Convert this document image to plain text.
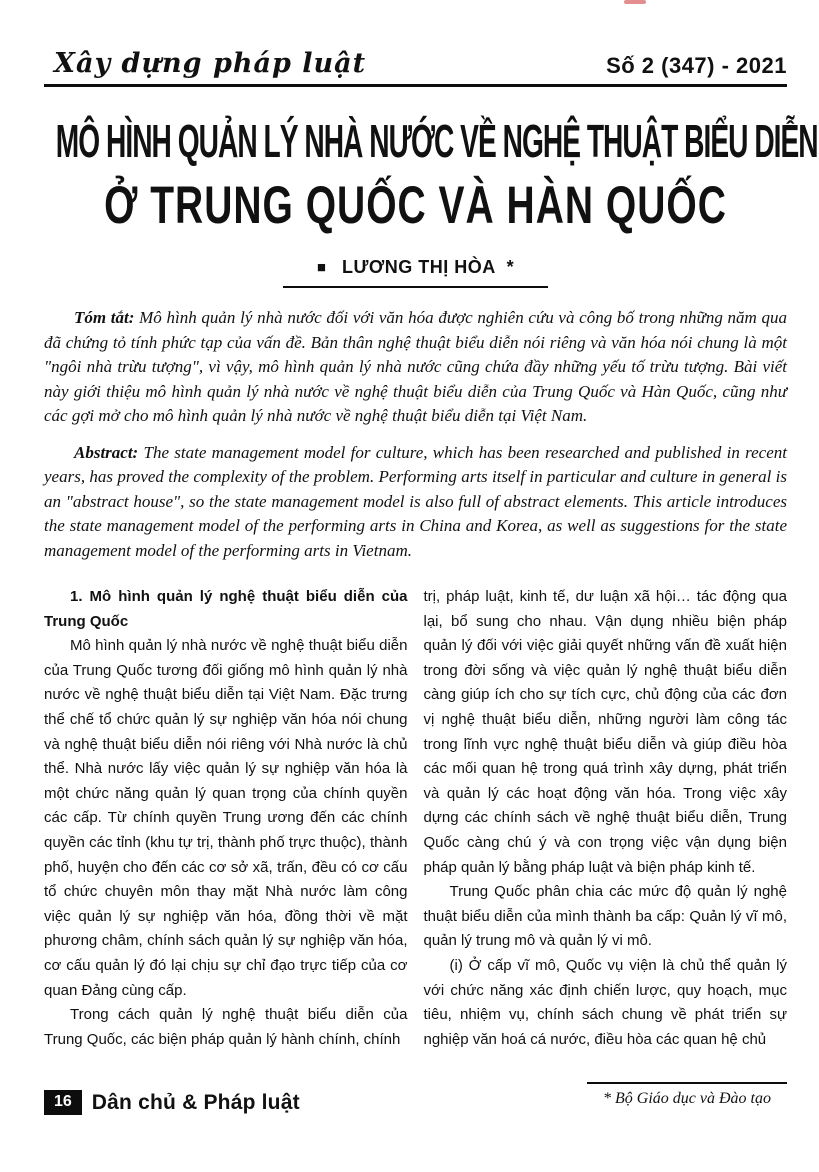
Xây dựng pháp luật	Số 2 (347) - 2021
MÔ HÌNH QUẢN LÝ NHÀ NƯỚC VỀ NGHỆ THUẬT BIỂU DIỄN
Ở TRUNG QUỐC VÀ HÀN QUỐC
■ LƯƠNG THỊ HÒA *

Tóm tắt: Mô hình quản lý nhà nước đối với văn hóa được nghiên cứu và công bố trong những năm qua đã chứng tỏ tính phức tạp của vấn đề. Bản thân nghệ thuật biểu diễn nói riêng và văn hóa nói chung là một "ngôi nhà trừu tượng", vì vậy, mô hình quản lý nhà nước cũng chứa đầy những yếu tố trừu tượng. Bài viết này giới thiệu mô hình quản lý nhà nước về nghệ thuật biểu diễn của Trung Quốc và Hàn Quốc, cũng như các gợi mở cho mô hình quản lý nhà nước về nghệ thuật biểu diễn tại Việt Nam.

Abstract: The state management model for culture, which has been researched and published in recent years, has proved the complexity of the problem. Performing arts itself in particular and culture in general is an "abstract house", so the state management model is also full of abstract elements. This article introduces the state management model of the performing arts in China and Korea, as well as suggestions for the state management model of the performing arts in Vietnam.

1. Mô hình quản lý nghệ thuật biểu diễn của Trung Quốc

Mô hình quản lý nhà nước về nghệ thuật biểu diễn của Trung Quốc tương đối giống mô hình quản lý nhà nước về nghệ thuật biểu diễn tại Việt Nam. Đặc trưng thể chế tổ chức quản lý sự nghiệp văn hóa nói chung và nghệ thuật biểu diễn nói riêng với Nhà nước là chủ thể. Nhà nước lấy việc quản lý sự nghiệp văn hóa là một chức năng quản lý quan trọng của chính quyền các cấp. Từ chính quyền Trung ương đến các chính quyền các tỉnh (khu tự trị, thành phố trực thuộc), thành phố, huyện cho đến các cơ sở xã, trấn, đều có cơ cấu tổ chức chuyên môn thay mặt Nhà nước làm công việc quản lý sự nghiệp văn hóa, đồng thời về mặt phương châm, chính sách quản lý sự nghiệp văn hóa, cơ cấu quản lý đó lại chịu sự chỉ đạo trực tiếp của cơ quan Đảng cùng cấp.

Trong cách quản lý nghệ thuật biểu diễn của Trung Quốc, các biện pháp quản lý hành chính, chính

trị, pháp luật, kinh tế, dư luận xã hội… tác động qua lại, bổ sung cho nhau. Vận dụng nhiều biện pháp quản lý đối với việc giải quyết những vấn đề xuất hiện trong đời sống và việc quản lý nghệ thuật biểu diễn càng giúp ích cho sự tích cực, chủ động của các đơn vị nghệ thuật biểu diễn, những người làm công tác trong lĩnh vực nghệ thuật biểu diễn và giúp điều hòa các mối quan hệ trong quá trình xây dựng, phát triển và quản lý các hoạt động văn hóa. Trong việc xây dựng các chính sách về nghệ thuật biểu diễn, Trung Quốc càng chú ý và con trọng việc vận dụng biện pháp quản lý bằng pháp luật và biện pháp kinh tế.

Trung Quốc phân chia các mức độ quản lý nghệ thuật biểu diễn của mình thành ba cấp: Quản lý vĩ mô, quản lý trung mô và quản lý vi mô.

(i) Ở cấp vĩ mô, Quốc vụ viện là chủ thể quản lý với chức năng xác định chiến lược, quy hoạch, mục tiêu, nhiệm vụ, chính sách chung về phát triển sự nghiệp văn hoá cá nước, điều hòa các quan hệ chủ

16 Dân chủ & Pháp luật	* Bộ Giáo dục và Đào tạo
